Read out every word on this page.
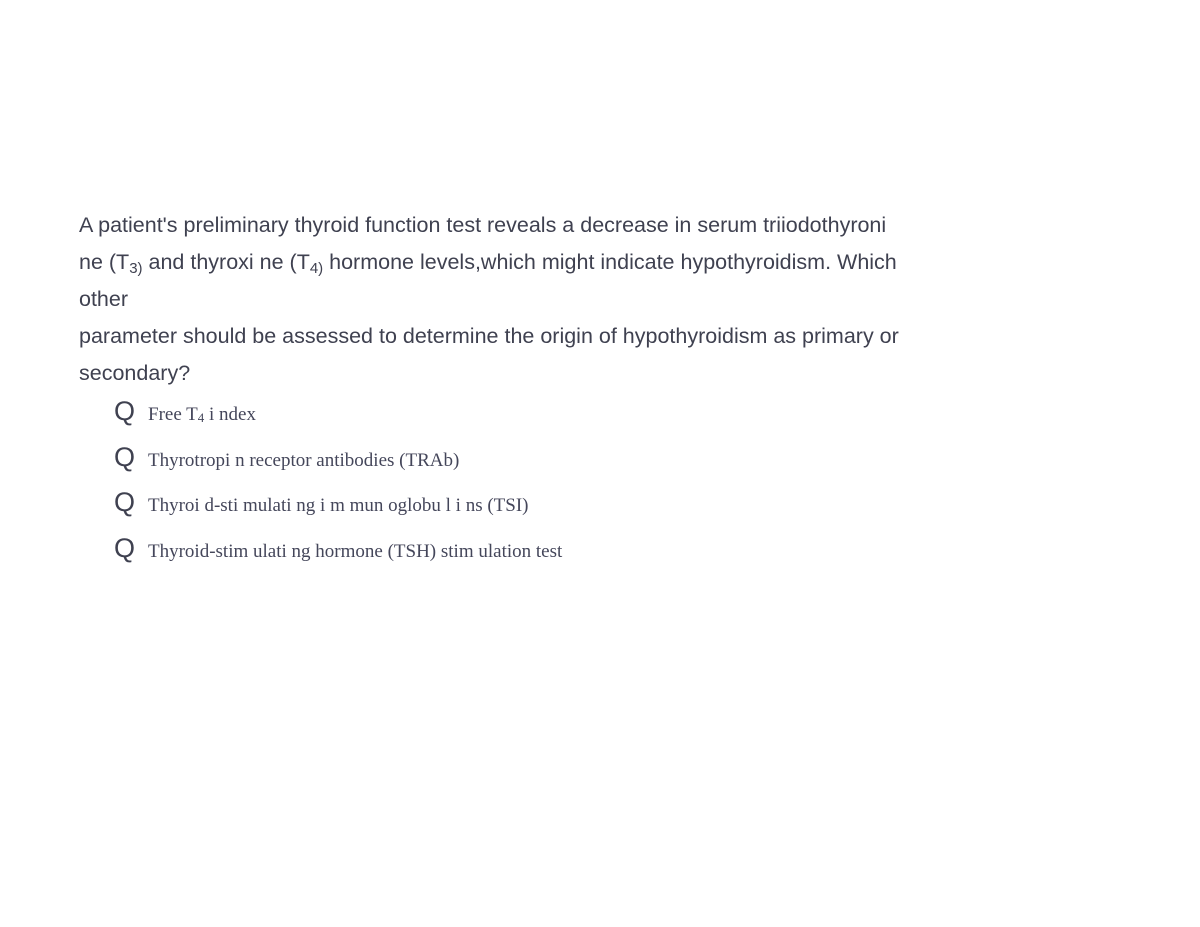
A patient's preliminary thyroid function test reveals a decrease in serum triiodothyroni
ne ($T_{3)}$ and thyroxi ne ($T_{4)}$ hormone levels,which might indicate hypothyroidism. Which
other
parameter should be assessed to determine the origin of hypothyroidism as primary or
secondary?
Q Free $T_4$ i ndex
Q Thyrotropi n receptor antibodies (TRAb)
Q Thyroi d-sti mulati ng i m mun oglobu l i ns (TSI)
Q Thyroid-stim ulati ng hormone (TSH) stim ulation test
